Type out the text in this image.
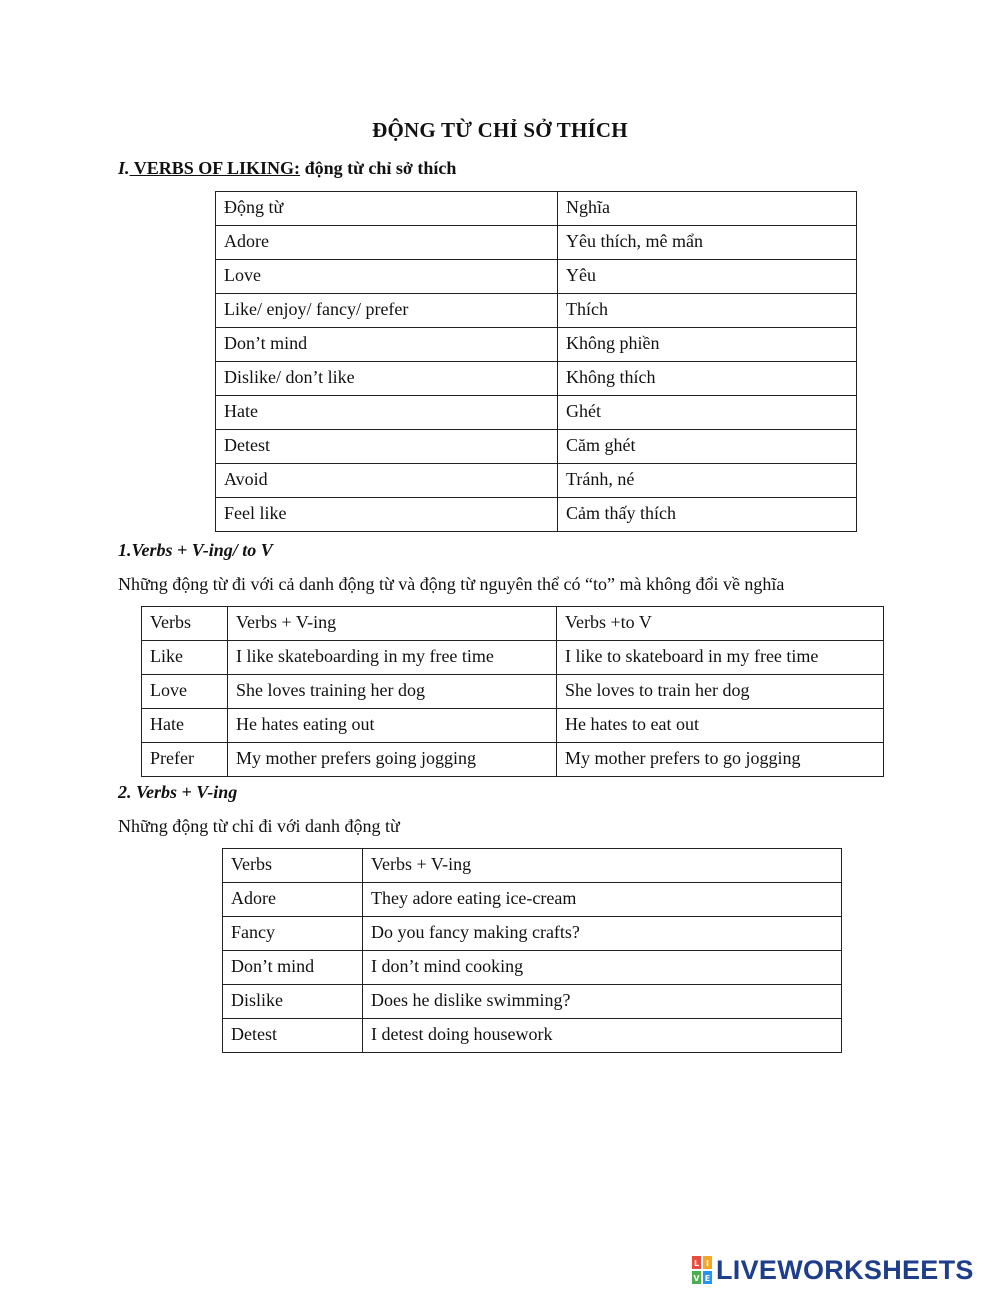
ĐỘNG TỪ CHỈ SỞ THÍCH
I. VERBS OF LIKING: động từ chỉ sở thích
Động từ	Nghĩa
Adore	Yêu thích, mê mẩn
Love	Yêu
Like/ enjoy/ fancy/ prefer	Thích
Don’t mind	Không phiền
Dislike/ don’t like	Không thích
Hate	Ghét
Detest	Căm ghét
Avoid	Tránh, né
Feel like	Cảm thấy thích
1.Verbs + V-ing/ to V
Những động từ đi với cả danh động từ và động từ nguyên thể có “to” mà không đổi về nghĩa
Verbs	Verbs + V-ing	Verbs +to V
Like	I like skateboarding in my free time	I like to skateboard in my free time
Love	She loves training her dog	She loves to train her dog
Hate	He hates eating out	He hates to eat out
Prefer	My mother prefers going jogging	My mother prefers to go jogging
2. Verbs + V-ing
Những động từ chỉ đi với danh động từ
Verbs	Verbs + V-ing
Adore	They adore eating ice-cream
Fancy	Do you fancy making crafts?
Don’t mind	I don’t mind cooking
Dislike	Does he dislike swimming?
Detest	I detest doing housework
L I
V E LIVEWORKSHEETS
